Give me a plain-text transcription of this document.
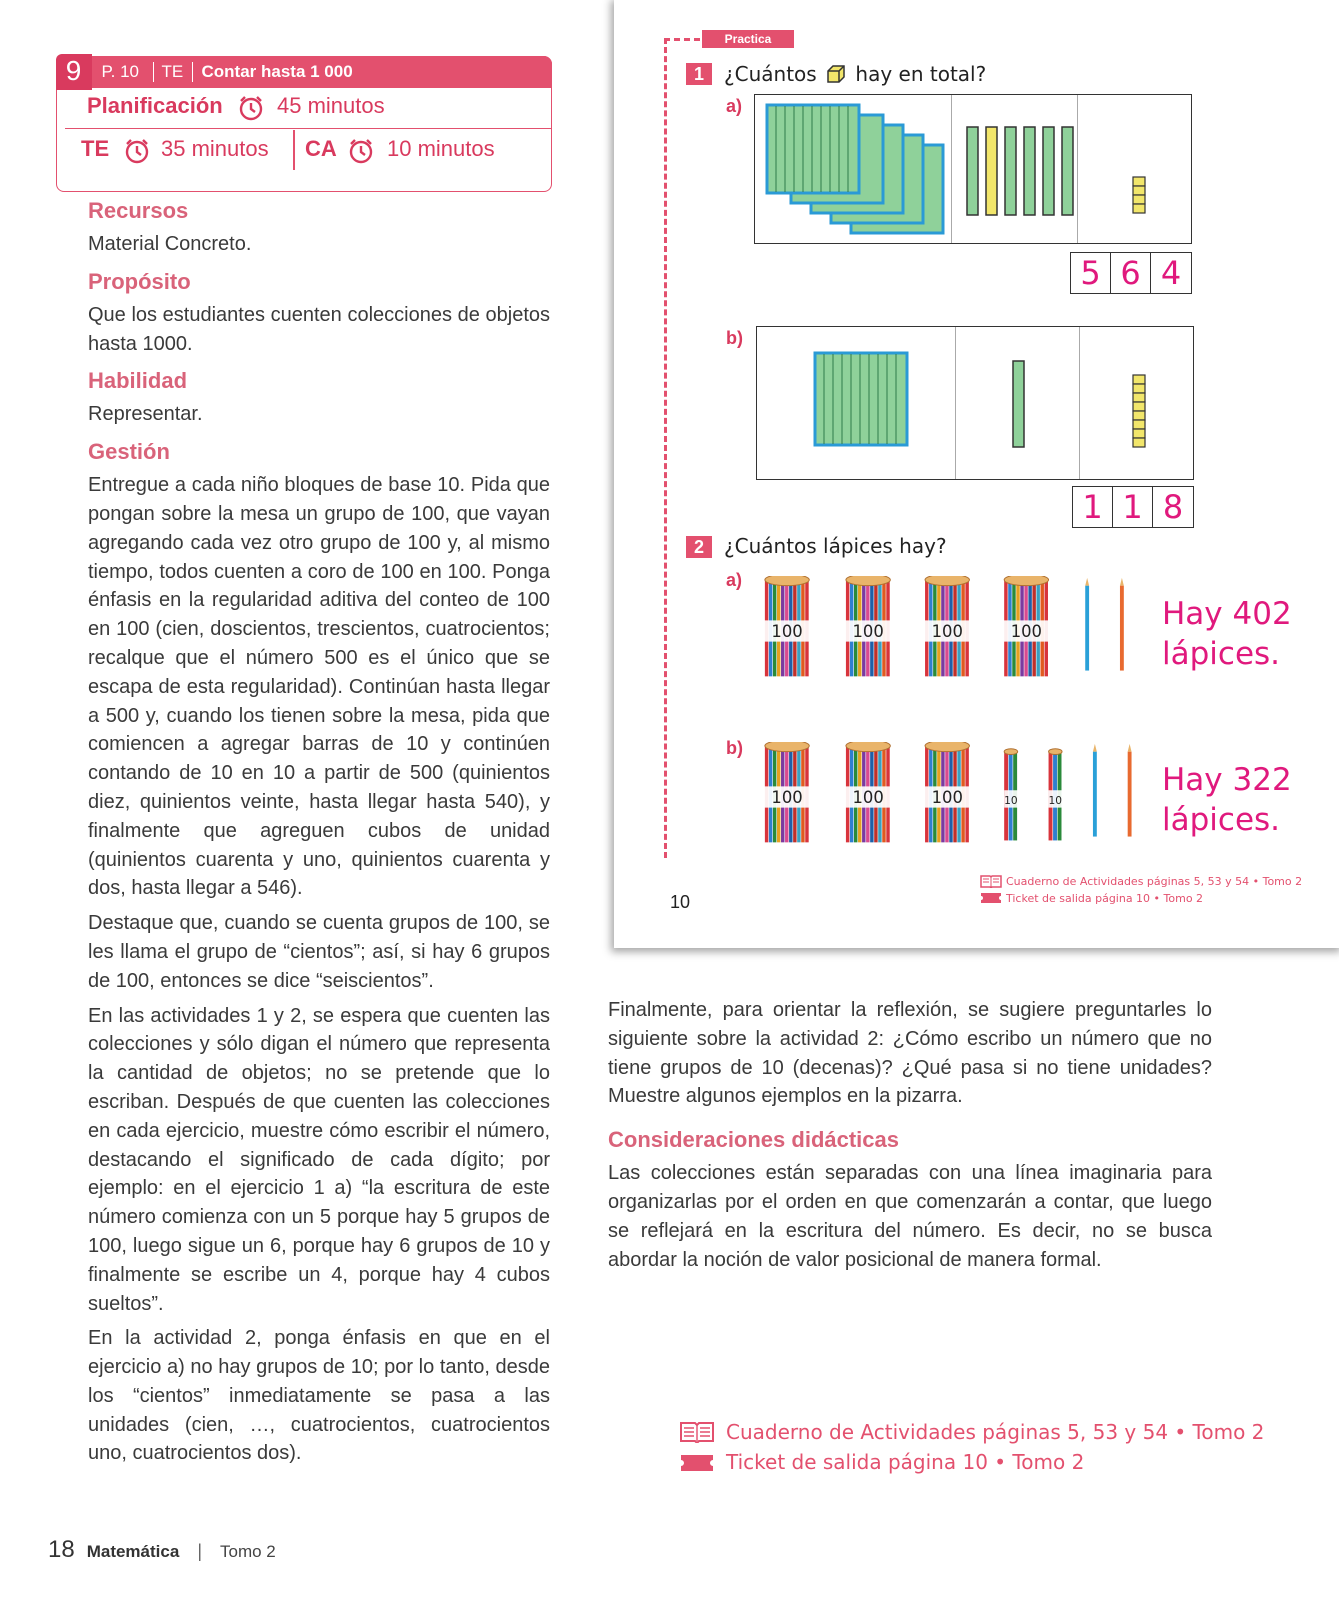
9	P. 10 TE Contar hasta 1 000
Planificación 45 minutos
TE 35 minutos CA 10 minutos
Recursos

Material Concreto.

Propósito

Que los estudiantes cuenten colecciones de objetos hasta 1000.

Habilidad

Representar.

Gestión

Entregue a cada niño bloques de base 10. Pida que pongan sobre la mesa un grupo de 100, que vayan agregando cada vez otro grupo de 100 y, al mismo tiempo, todos cuenten a coro de 100 en 100. Ponga énfasis en la regularidad aditiva del conteo de 100 en 100 (cien, doscientos, trescientos, cuatrocientos; recalque que el número 500 es el único que se escapa de esta regularidad). Continúan hasta llegar a 500 y, cuando los tienen sobre la mesa, pida que comiencen a agregar barras de 10 y continúen contando de 10 en 10 a partir de 500 (quinientos diez, quinientos veinte, hasta llegar hasta 540), y finalmente que agreguen cubos de unidad (quinientos cuarenta y uno, quinientos cuarenta y dos, hasta llegar a 546).

Destaque que, cuando se cuenta grupos de 100, se les llama el grupo de “cientos”; así, si hay 6 grupos de 100, entonces se dice “seiscientos”.

En las actividades 1 y 2, se espera que cuenten las colecciones y sólo digan el número que representa la cantidad de objetos; no se pretende que lo escriban. Después de que cuenten las colecciones en cada ejercicio, muestre cómo escribir el número, destacando el significado de cada dígito; por ejemplo: en el ejercicio 1 a) “la escritura de este número comienza con un 5 porque hay 5 grupos de 100, luego sigue un 6, porque hay 6 grupos de 10 y finalmente se escribe un 4, porque hay 4 cubos sueltos”.

En la actividad 2, ponga énfasis en que en el ejercicio a) no hay grupos de 10; por lo tanto, desde los “cientos” inmediatamente se pasa a las unidades (cien, …, cuatrocientos, cuatrocientos uno, cuatrocientos dos).

Practica
1	¿Cuántos hay en total?
a)
5 6 4
b)
1 1 8
2	¿Cuántos lápices hay?
a)
100	100	100	100	Hay 402
lápices.
b)
100	100	100	10	10
Hay 322
lápices.
10
Cuaderno de Actividades páginas 5, 53 y 54 • Tomo 2
Ticket de salida página 10 • Tomo 2

Finalmente, para orientar la reflexión, se sugiere preguntarles lo siguiente sobre la actividad 2: ¿Cómo escribo un número que no tiene grupos de 10 (decenas)? ¿Qué pasa si no tiene unidades? Muestre algunos ejemplos en la pizarra.

Consideraciones didácticas

Las colecciones están separadas con una línea imaginaria para organizarlas por el orden en que comenzarán a contar, que luego se reflejará en la escritura del número. Es decir, no se busca abordar la noción de valor posicional de manera formal.

Cuaderno de Actividades páginas 5, 53 y 54 • Tomo 2
Ticket de salida página 10 • Tomo 2
18 Matemática | Tomo 2
